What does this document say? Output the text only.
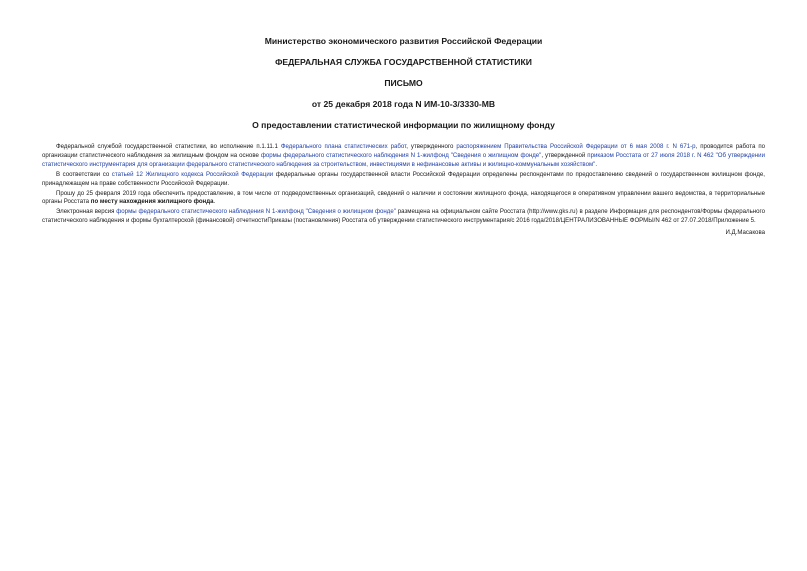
Министерство экономического развития Российской Федерации

ФЕДЕРАЛЬНАЯ СЛУЖБА ГОСУДАРСТВЕННОЙ СТАТИСТИКИ

ПИСЬМО

от 25 декабря 2018 года N ИМ-10-3/3330-МВ

О предоставлении статистической информации по жилищному фонду

Федеральной службой государственной статистики, во исполнение п.1.11.1 Федерального плана статистических работ, утвержденного распоряжением Правительства Российской Федерации от 6 мая 2008 г. N 671-р, проводится работа по организации статистического наблюдения за жилищным фондом на основе формы федерального статистического наблюдения N 1-жилфонд "Сведения о жилищном фонде", утвержденной приказом Росстата от 27 июля 2018 г. N 462 "Об утверждении статистического инструментария для организации федерального статистического наблюдения за строительством, инвестициями в нефинансовые активы и жилищно-коммунальным хозяйством".

В соответствии со статьей 12 Жилищного кодекса Российской Федерации федеральные органы государственной власти Российской Федерации определены респондентами по предоставлению сведений о государственном жилищном фонде, принадлежащем на праве собственности Российской Федерации.

Прошу до 25 февраля 2019 года обеспечить предоставление, в том числе от подведомственных организаций, сведений о наличии и состоянии жилищного фонда, находящегося в оперативном управлении вашего ведомства, в территориальные органы Росстата по месту нахождения жилищного фонда.

Электронная версия формы федерального статистического наблюдения N 1-жилфонд "Сведения о жилищном фонде" размещена на официальном сайте Росстата (http://www.gks.ru) в разделе Информация для респондентов/Формы федерального статистического наблюдения и формы бухгалтерской (финансовой) отчетностиПриказы (постановления) Росстата об утверждении статистического инструментария/с 2016 года/2018/ЦЕНТРАЛИЗОВАННЫЕ ФОРМЫ/N 462 от 27.07.2018/Приложение 5.

И.Д.Масакова
